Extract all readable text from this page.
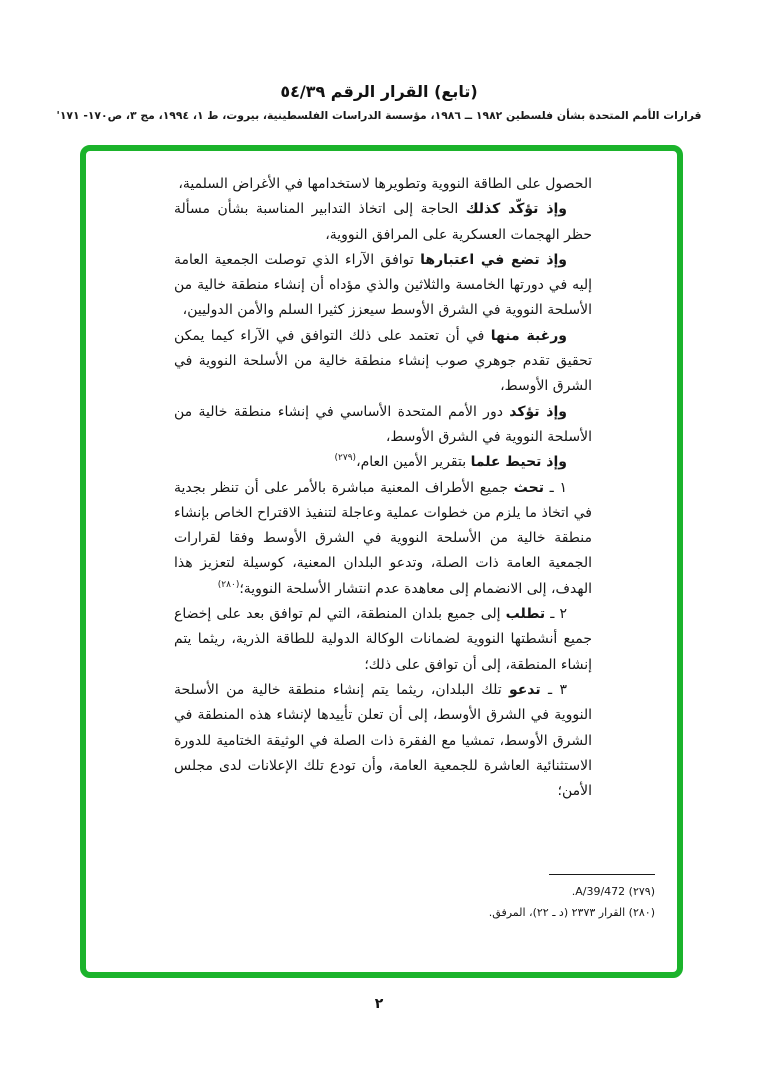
(تابع) القرار الرقم ٥٤/٣٩
قرارات الأمم المتحدة بشأن فلسطين ١٩٨٢ ــ ١٩٨٦، مؤسسة الدراسات الفلسطينية، بيروت، ط ١، ١٩٩٤، مج ٣، ص١٧٠- ١٧١'

الحصول على الطاقة النووية وتطويرها لاستخدامها في الأغراض السلمية،

وإذ تؤكّد كذلك الحاجة إلى اتخاذ التدابير المناسبة بشأن مسألة حظر الهجمات العسكرية على المرافق النووية،

وإذ تضع في اعتبارها توافق الآراء الذي توصلت الجمعية العامة إليه في دورتها الخامسة والثلاثين والذي مؤداه أن إنشاء منطقة خالية من الأسلحة النووية في الشرق الأوسط سيعزز كثيرا السلم والأمن الدوليين،

ورغبة منها في أن تعتمد على ذلك التوافق في الآراء كيما يمكن تحقيق تقدم جوهري صوب إنشاء منطقة خالية من الأسلحة النووية في الشرق الأوسط،

وإذ تؤكد دور الأمم المتحدة الأساسي في إنشاء منطقة خالية من الأسلحة النووية في الشرق الأوسط،

وإذ تحيط علما بتقرير الأمين العام،$^{(٢٧٩)}$

١ ـ تحث جميع الأطراف المعنية مباشرة بالأمر على أن تنظر بجدية في اتخاذ ما يلزم من خطوات عملية وعاجلة لتنفيذ الاقتراح الخاص بإنشاء منطقة خالية من الأسلحة النووية في الشرق الأوسط وفقا لقرارات الجمعية العامة ذات الصلة، وتدعو البلدان المعنية، كوسيلة لتعزيز هذا الهدف، إلى الانضمام إلى معاهدة عدم انتشار الأسلحة النووية؛$^{(٢٨٠)}$

٢ ـ تطلب إلى جميع بلدان المنطقة، التي لم توافق بعد على إخضاع جميع أنشطتها النووية لضمانات الوكالة الدولية للطاقة الذرية، ريثما يتم إنشاء المنطقة، إلى أن توافق على ذلك؛

٣ ـ تدعو تلك البلدان، ريثما يتم إنشاء منطقة خالية من الأسلحة النووية في الشرق الأوسط، إلى أن تعلن تأييدها لإنشاء هذه المنطقة في الشرق الأوسط، تمشيا مع الفقرة ذات الصلة في الوثيقة الختامية للدورة الاستثنائية العاشرة للجمعية العامة، وأن تودع تلك الإعلانات لدى مجلس الأمن؛

(٢٧٩) A/39/472.
(٢٨٠) القرار ٢٣٧٣ (د ـ ٢٢)، المرفق.
٢
